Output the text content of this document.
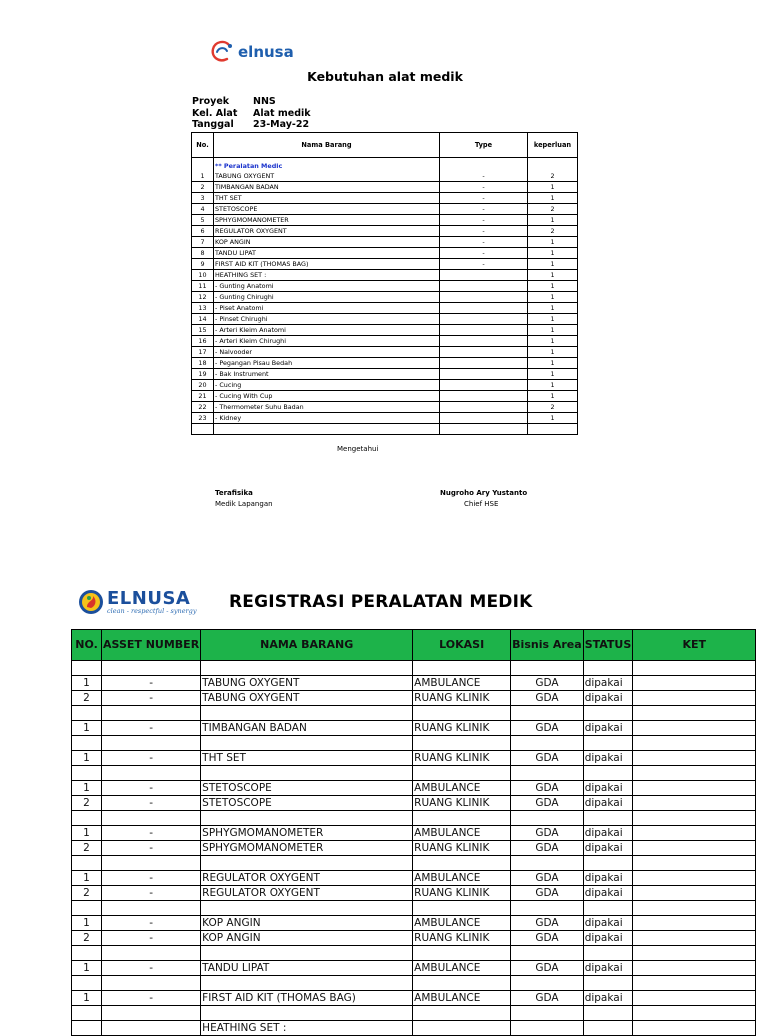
elnusa
Kebutuhan alat medik
Proyek	NNS
Kel. Alat	Alat medik
Tanggal	23-May-22
No.	Nama Barang	Type	keperluan

	** Peralatan Medic		
1	TABUNG OXYGENT	-	2
2	TIMBANGAN BADAN	-	1
3	THT SET	-	1
4	STETOSCOPE	-	2
5	SPHYGMOMANOMETER	-	1
6	REGULATOR OXYGENT	-	2
7	KOP ANGIN	-	1
8	TANDU LIPAT	-	1
9	FIRST AID KIT (THOMAS BAG)	-	1
10	HEATHING SET :		1
11	- Gunting Anatomi		1
12	- Gunting Chirughi		1
13	- Piset Anatomi		1
14	- Pinset Chirughi		1
15	- Arteri Kleim Anatomi		1
16	- Arteri Kleim Chirughi		1
17	- Nalvooder		1
18	- Pegangan Pisau Bedah		1
19	- Bak Instrument		1
20	- Cucing		1
21	- Cucing With Cup		1
22	- Thermometer Suhu Badan		2
23	- Kidney		1

Mengetahui
Terafisika
Medik Lapangan
Nugroho Ary Yustanto
Chief HSE
ELNUSA
clean - respectful - synergy REGISTRASI PERALATAN MEDIK
NO.	ASSET NUMBER	NAMA BARANG	LOKASI	Bisnis Area	STATUS	KET

1	-	TABUNG OXYGENT	AMBULANCE	GDA	dipakai	
2	-	TABUNG OXYGENT	RUANG KLINIK	GDA	dipakai	

1	-	TIMBANGAN BADAN	RUANG KLINIK	GDA	dipakai	

1	-	THT SET	RUANG KLINIK	GDA	dipakai	

1	-	STETOSCOPE	AMBULANCE	GDA	dipakai	
2	-	STETOSCOPE	RUANG KLINIK	GDA	dipakai	

1	-	SPHYGMOMANOMETER	AMBULANCE	GDA	dipakai	
2	-	SPHYGMOMANOMETER	RUANG KLINIK	GDA	dipakai	

1	-	REGULATOR OXYGENT	AMBULANCE	GDA	dipakai	
2	-	REGULATOR OXYGENT	RUANG KLINIK	GDA	dipakai	

1	-	KOP ANGIN	AMBULANCE	GDA	dipakai	
2	-	KOP ANGIN	RUANG KLINIK	GDA	dipakai	

1	-	TANDU LIPAT	AMBULANCE	GDA	dipakai	

1	-	FIRST AID KIT (THOMAS BAG)	AMBULANCE	GDA	dipakai	

		HEATHING SET :				
